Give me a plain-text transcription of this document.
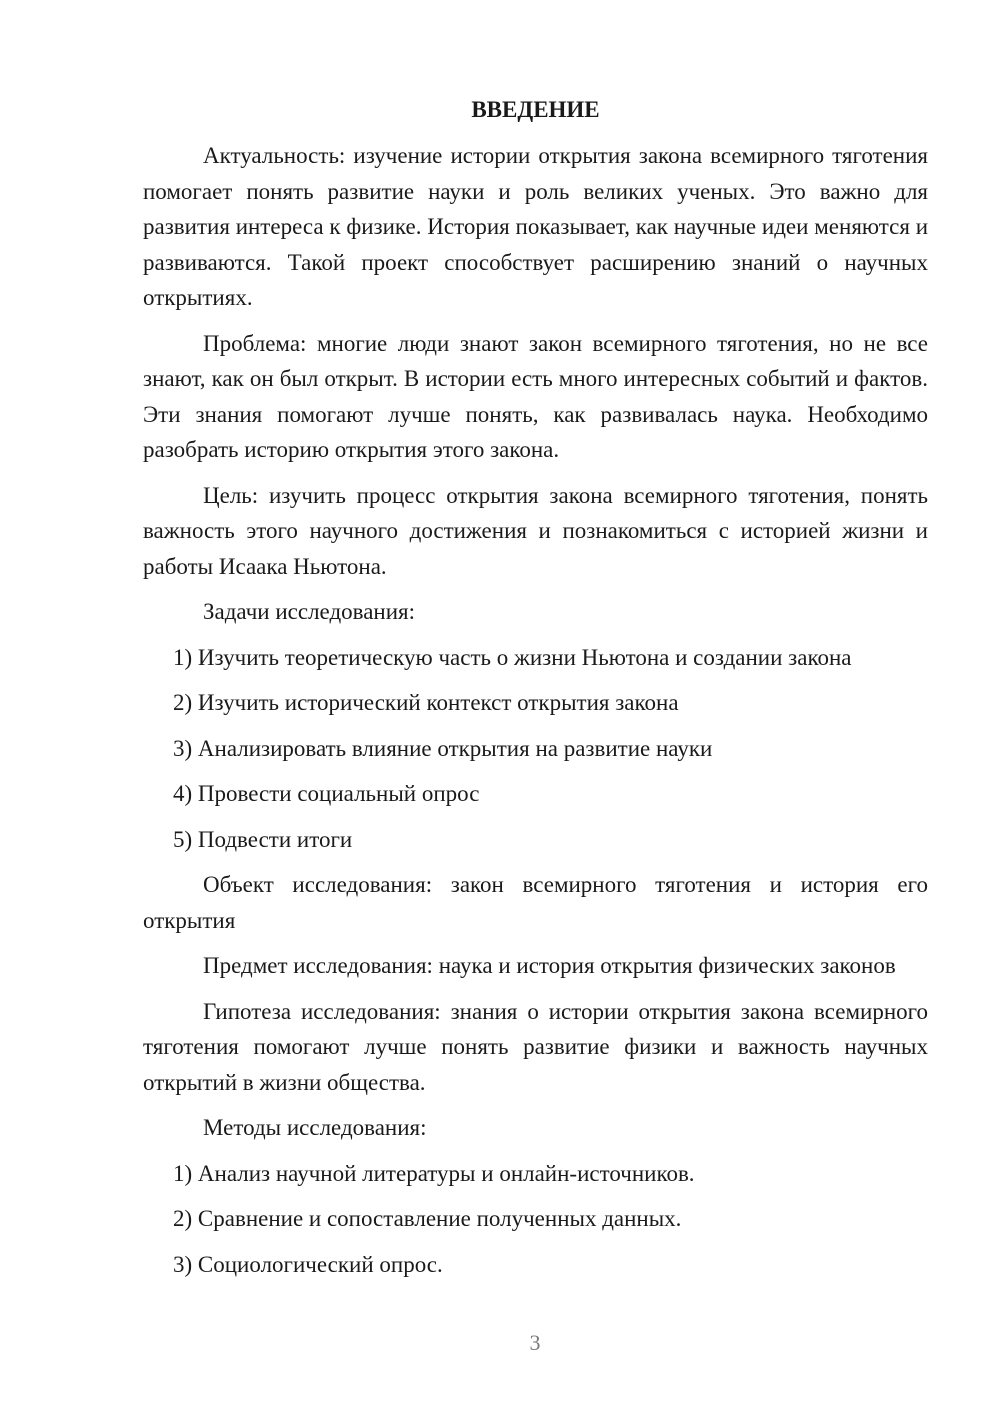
ВВЕДЕНИЕ

Актуальность: изучение истории открытия закона всемирного тяготения помогает понять развитие науки и роль великих ученых. Это важно для развития интереса к физике. История показывает, как научные идеи меняются и развиваются. Такой проект способствует расширению знаний о научных открытиях.

Проблема: многие люди знают закон всемирного тяготения, но не все знают, как он был открыт. В истории есть много интересных событий и фактов. Эти знания помогают лучше понять, как развивалась наука. Необходимо разобрать историю открытия этого закона.

Цель: изучить процесс открытия закона всемирного тяготения, понять важность этого научного достижения и познакомиться с историей жизни и работы Исаака Ньютона.

Задачи исследования:

1) Изучить теоретическую часть о жизни Ньютона и создании закона
2) Изучить исторический контекст открытия закона
3) Анализировать влияние открытия на развитие науки
4) Провести социальный опрос
5) Подвести итоги

Объект исследования: закон всемирного тяготения и история его открытия

Предмет исследования: наука и история открытия физических законов

Гипотеза исследования: знания о истории открытия закона всемирного тяготения помогают лучше понять развитие физики и важность научных открытий в жизни общества.

Методы исследования:

1) Анализ научной литературы и онлайн-источников.
2) Сравнение и сопоставление полученных данных.
3) Социологический опрос.
3
